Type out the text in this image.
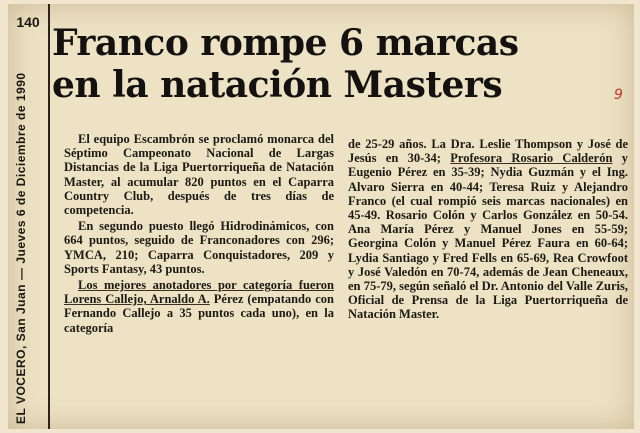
140
EL VOCERO, San Juan— Jueves 6 de Diciembre de 1990
Franco rompe 6 marcas
en la natación Masters	9

El equipo Escambrón se proclamó monarca del Séptimo Campeonato Nacional de Largas Distancias de la Liga Puertorriqueña de Natación Master, al acumular 820 puntos en el Caparra Country Club, después de tres días de competencia.

En segundo puesto llegó Hidrodinámicos, con 664 puntos, seguido de Franconadores con 296; YMCA, 210; Caparra Conquistadores, 209 y Sports Fantasy, 43 puntos.

Los mejores anotadores por categoría fueron Lorens Callejo, Arnaldo A. Pérez (empatando con Fernando Callejo a 35 puntos cada uno), en la categoría

de 25-29 años. La Dra. Leslie Thompson y José de Jesús en 30-34; Profesora Rosario Calderón y Eugenio Pérez en 35-39; Nydia Guzmán y el Ing. Alvaro Sierra en 40-44; Teresa Ruiz y Alejandro Franco (el cual rompió seis marcas nacionales) en 45-49. Rosario Colón y Carlos González en 50-54. Ana María Pérez y Manuel Jones en 55-59; Georgina Colón y Manuel Pérez Faura en 60-64; Lydia Santiago y Fred Fells en 65-69, Rea Crowfoot y José Valedón en 70-74, además de Jean Cheneaux, en 75-79, según señaló el Dr. Antonio del Valle Zuris, Oficial de Prensa de la Liga Puertorriqueña de Natación Master.
